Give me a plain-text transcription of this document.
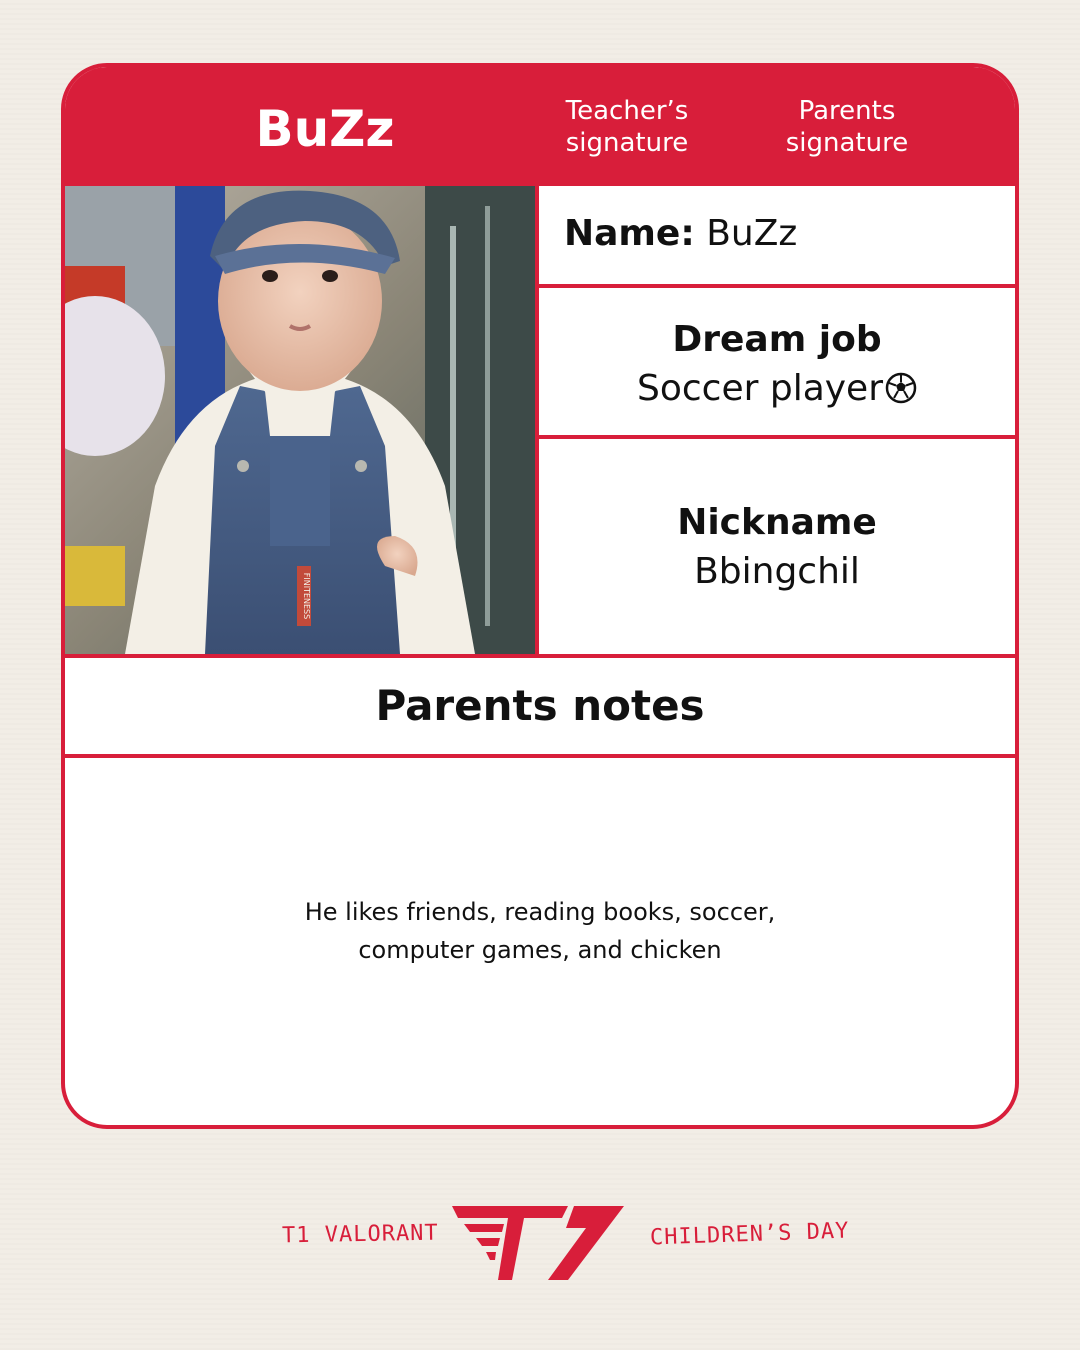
BuZz	Teacher’s
signature
Parents
signature
FINITENESS
Name: BuZz
Dream job
Soccer player
Nickname
Bbingchil
Parents notes
He likes friends, reading books, soccer,
computer games, and chicken
T1 VALORANT	CHILDREN’S DAY
